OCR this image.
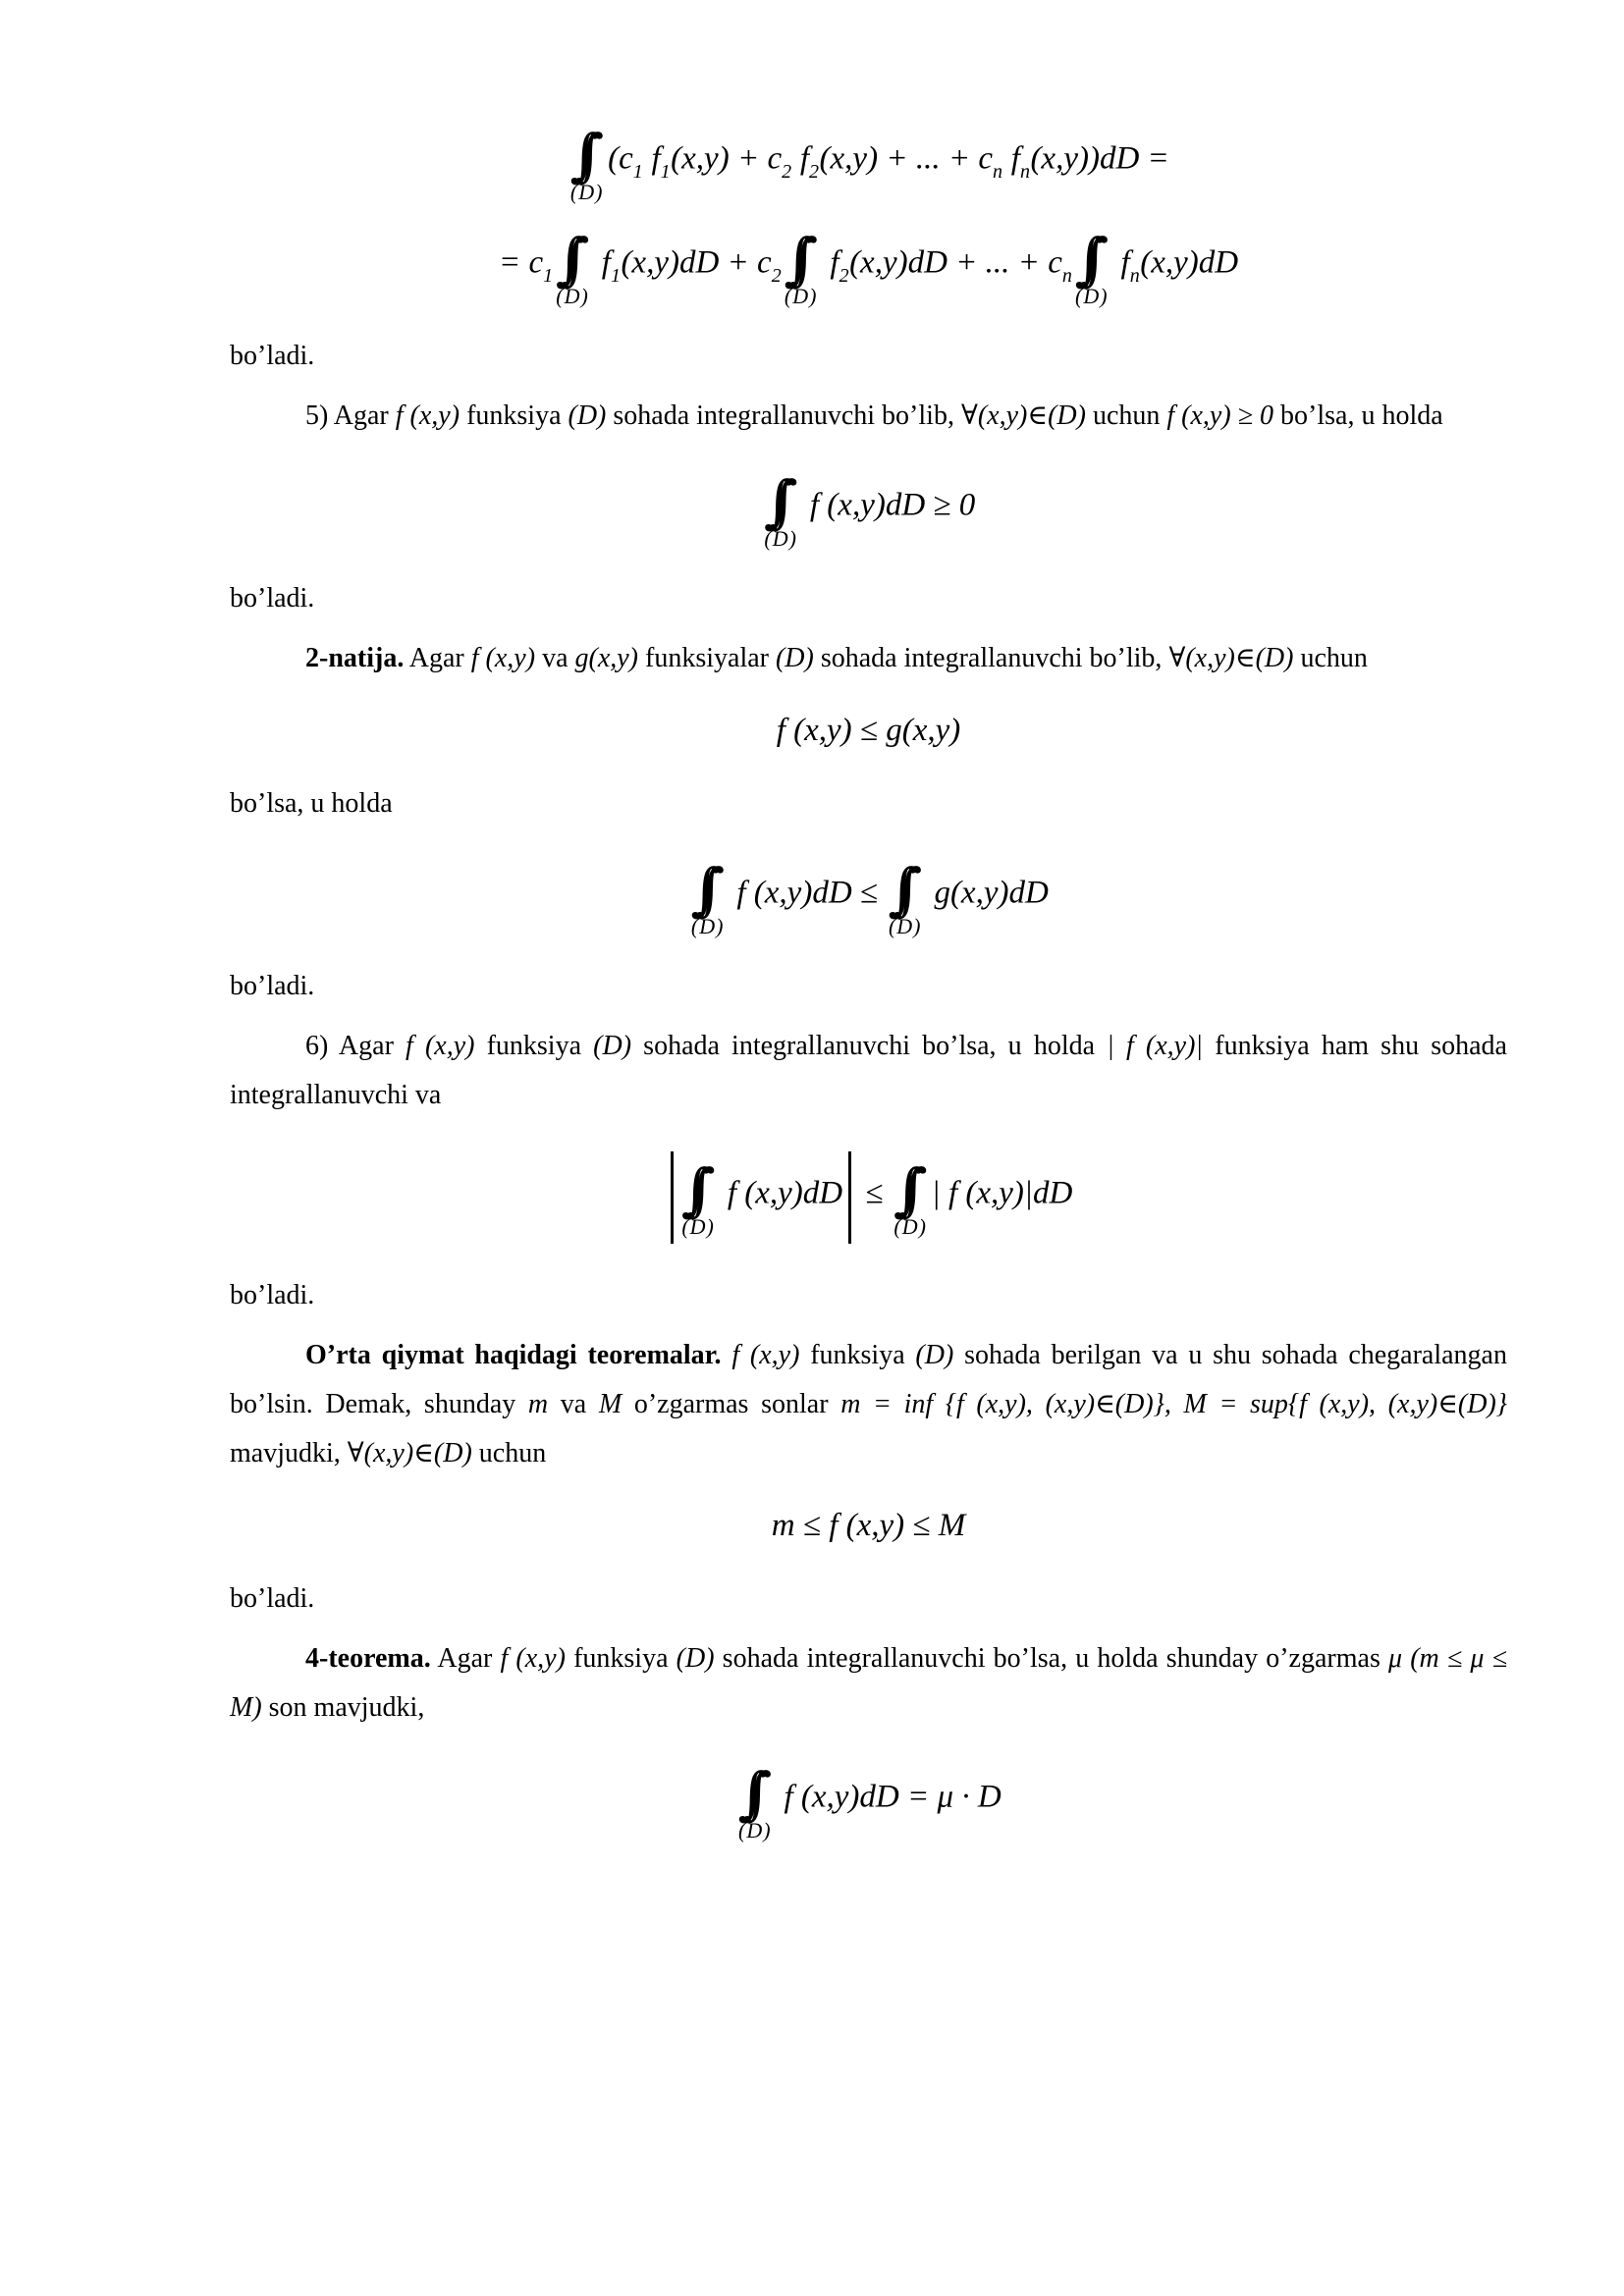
∫∫
(D)
(c1 f1(x,y) + c2 f2(x,y) + ... + cn fn(x,y))dD =
= c1 ∫∫
(D)
f1(x,y)dD + c2 ∫∫
(D)
f2(x,y)dD + ... + cn ∫∫
(D)
fn(x,y)dD

bo’ladi.

5) Agar f (x,y) funksiya (D) sohada integrallanuvchi bo’lib, ∀(x,y)∈(D) uchun f (x,y) ≥ 0 bo’lsa, u holda

∫∫
(D)
f (x,y)dD ≥ 0

bo’ladi.

2-natija. Agar f (x,y) va g(x,y) funksiyalar (D) sohada integrallanuvchi bo’lib, ∀(x,y)∈(D) uchun

f (x,y) ≤ g(x,y)

bo’lsa, u holda

∫∫
(D)
f (x,y)dD ≤ ∫∫
(D)
g(x,y)dD

bo’ladi.

6) Agar f (x,y) funksiya (D) sohada integrallanuvchi bo’lsa, u holda | f (x,y)| funksiya ham shu sohada integrallanuvchi va

∫∫
(D)
f (x,y)dD ≤ ∫∫
(D)
| f (x,y)|dD

bo’ladi.

O’rta qiymat haqidagi teoremalar. f (x,y) funksiya (D) sohada berilgan va u shu sohada chegaralangan bo’lsin. Demak, shunday m va M o’zgarmas sonlar m = inf {f (x,y), (x,y)∈(D)}, M = sup{f (x,y), (x,y)∈(D)} mavjudki, ∀(x,y)∈(D) uchun

m ≤ f (x,y) ≤ M

bo’ladi.

4-teorema. Agar f (x,y) funksiya (D) sohada integrallanuvchi bo’lsa, u holda shunday o’zgarmas μ (m ≤ μ ≤ M) son mavjudki,

∫∫
(D)
f (x,y)dD = μ · D
